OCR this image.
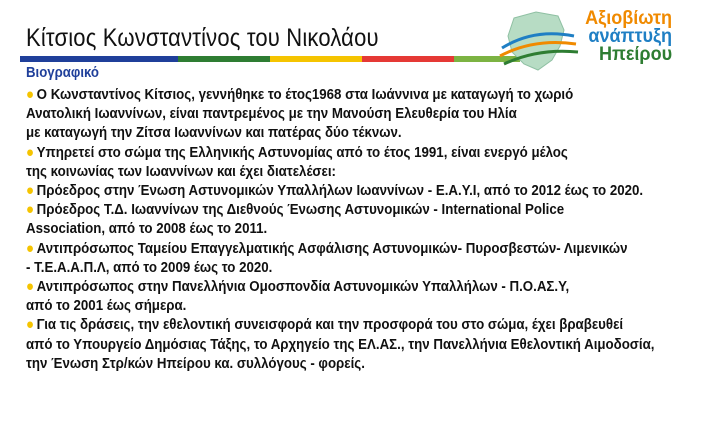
Κίτσιος Κωνσταντίνος του Νικολάου
Βιογραφικό
Αξιοβίωτη
ανάπτυξη
Ηπείρου
● Ο Κωνσταντίνος Κίτσιος, γεννήθηκε το έτος1968 στα Ιωάννινα με καταγωγή το χωριό
Ανατολική Ιωαννίνων, είναι παντρεμένος με την Μανούση Ελευθερία του Ηλία
με καταγωγή την Ζίτσα Ιωαννίνων και πατέρας δύο τέκνων.
● Υπηρετεί στο σώμα της Ελληνικής Αστυνομίας από το έτος 1991, είναι ενεργό μέλος
της κοινωνίας των Ιωαννίνων και έχει διατελέσει:
● Πρόεδρος στην Ένωση Αστυνομικών Υπαλλήλων Ιωαννίνων - Ε.Α.Υ.Ι, από το 2012 έως το 2020.
● Πρόεδρος Τ.Δ. Ιωαννίνων της Διεθνούς Ένωσης Αστυνομικών - International Police
Association, από το 2008 έως το 2011.
● Αντιπρόσωπος Ταμείου Επαγγελματικής Ασφάλισης Αστυνομικών- Πυροσβεστών- Λιμενικών
- Τ.Ε.Α.Α.Π.Λ, από το 2009 έως το 2020.
● Αντιπρόσωπος στην Πανελλήνια Ομοσπονδία Αστυνομικών Υπαλλήλων - Π.Ο.ΑΣ.Υ,
από το 2001 έως σήμερα.
● Για τις δράσεις, την εθελοντική συνεισφορά και την προσφορά του στο σώμα, έχει βραβευθεί
από το Υπουργείο Δημόσιας Τάξης, το Αρχηγείο της ΕΛ.ΑΣ., την Πανελλήνια Εθελοντική Αιμοδοσία,
την Ένωση Στρ/κών Ηπείρου κα. συλλόγους - φορείς.
